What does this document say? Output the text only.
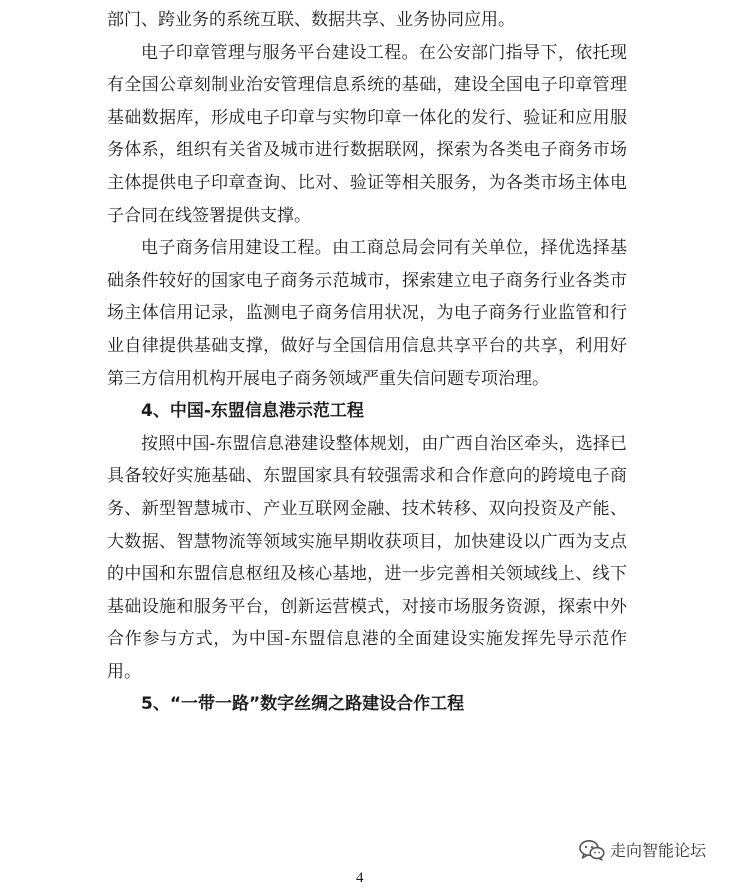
部门、跨业务的系统互联、数据共享、业务协同应用。

电子印章管理与服务平台建设工程。在公安部门指导下，依托现有全国公章刻制业治安管理信息系统的基础，建设全国电子印章管理基础数据库，形成电子印章与实物印章一体化的发行、验证和应用服务体系，组织有关省及城市进行数据联网，探索为各类电子商务市场主体提供电子印章查询、比对、验证等相关服务，为各类市场主体电子合同在线签署提供支撑。

电子商务信用建设工程。由工商总局会同有关单位，择优选择基础条件较好的国家电子商务示范城市，探索建立电子商务行业各类市场主体信用记录，监测电子商务信用状况，为电子商务行业监管和行业自律提供基础支撑，做好与全国信用信息共享平台的共享，利用好第三方信用机构开展电子商务领域严重失信问题专项治理。

4、中国-东盟信息港示范工程

按照中国-东盟信息港建设整体规划，由广西自治区牵头，选择已具备较好实施基础、东盟国家具有较强需求和合作意向的跨境电子商务、新型智慧城市、产业互联网金融、技术转移、双向投资及产能、大数据、智慧物流等领域实施早期收获项目，加快建设以广西为支点的中国和东盟信息枢纽及核心基地，进一步完善相关领域线上、线下基础设施和服务平台，创新运营模式，对接市场服务资源，探索中外合作参与方式，为中国-东盟信息港的全面建设实施发挥先导示范作用。

5、“一带一路”数字丝绸之路建设合作工程

走向智能论坛
4
